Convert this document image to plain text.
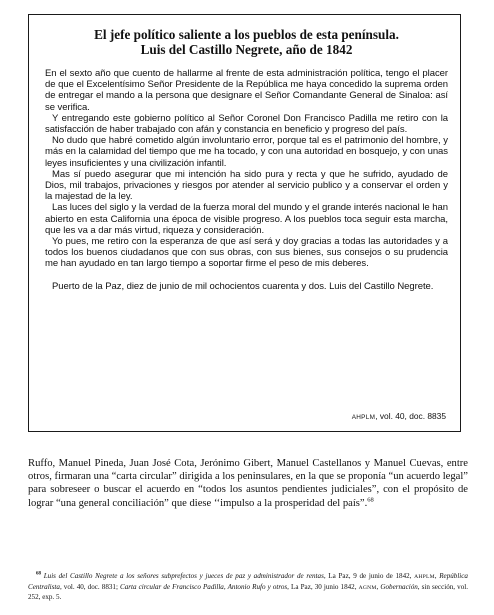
El jefe político saliente a los pueblos de esta península.
Luis del Castillo Negrete, año de 1842

En el sexto año que cuento de hallarme al frente de esta administración política, tengo el placer de que el Excelentísimo Señor Presidente de la República me haya concedido la suprema orden de entregar el mando a la persona que designare el Señor Comandante General de Sinaloa: así se verifica.

Y entregando este gobierno político al Señor Coronel Don Francisco Padilla me retiro con la satisfacción de haber trabajado con afán y constancia en beneficio y progreso del país.

No dudo que habré cometido algún involuntario error, porque tal es el patrimonio del hombre, y más en la calamidad del tiempo que me ha tocado, y con una autoridad en bosquejo, y con unas leyes insuficientes y una civilización infantil.

Mas sí puedo asegurar que mi intención ha sido pura y recta y que he sufrido, ayudado de Dios, mil trabajos, privaciones y riesgos por atender al servicio publico y a conservar el orden y la majestad de la ley.

Las luces del siglo y la verdad de la fuerza moral del mundo y el grande interés nacional le han abierto en esta California una época de visible progreso. A los pueblos toca seguir esta marcha, que les va a dar más virtud, riqueza y consideración.

Yo pues, me retiro con la esperanza de que así será y doy gracias a todas las autoridades y a todos los buenos ciudadanos que con sus obras, con sus bienes, sus consejos o su prudencia me han ayudado en tan largo tiempo a soportar firme el peso de mis deberes.

Puerto de la Paz, diez de junio de mil ochocientos cuarenta y dos. Luis del Castillo Negrete.

AHPLM, vol. 40, doc. 8835

Ruffo, Manuel Pineda, Juan José Cota, Jerónimo Gibert, Manuel Castellanos y Manuel Cuevas, entre otros, firmaran una “carta circular” dirigida a los peninsulares, en la que se proponía “un acuerdo legal” para sobreseer o buscar el acuerdo en “todos los asuntos pendientes judiciales”, con el propósito de lograr “una general conciliación” que diese ‘‘impulso a la prosperidad del país”.$^{68}$

$^{68}$ Luis del Castillo Negrete a los señores subprefectos y jueces de paz y administrador de rentas, La Paz, 9 de junio de 1842, AHPLM, República Centralista, vol. 40, doc. 8831; Carta circular de Francisco Padilla, Antonio Rufo y otros, La Paz, 30 junio 1842, AGNM, Gobernación, sin sección, vol. 252, exp. 5.
